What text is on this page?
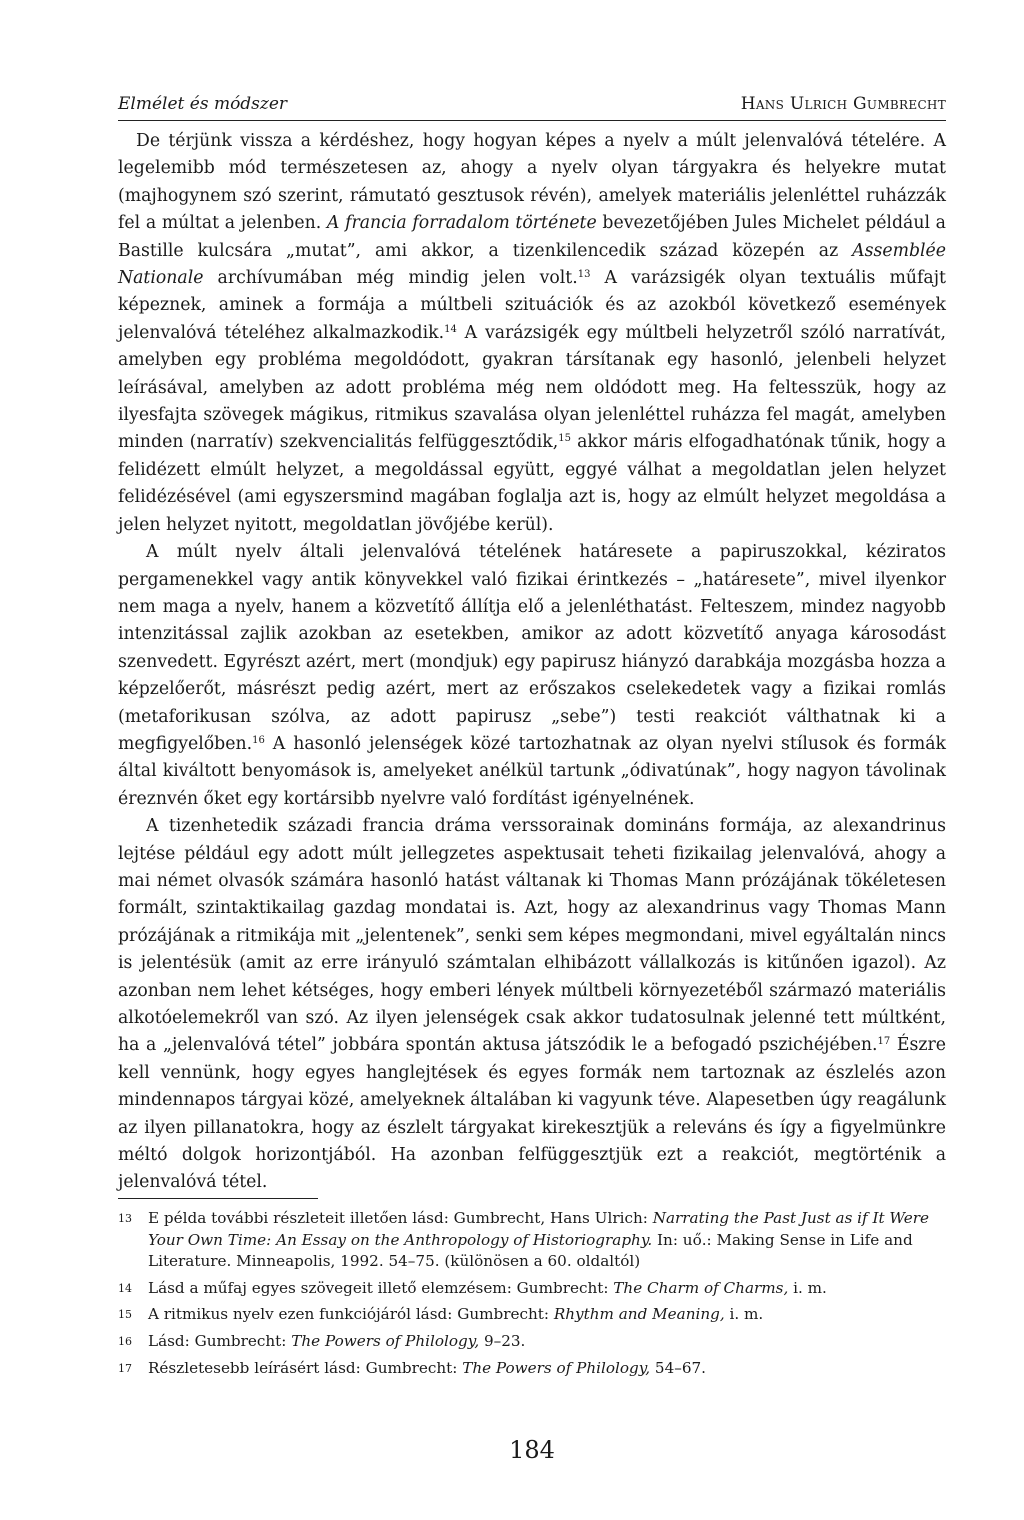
Elmélet és módszer	Hans Ulrich Gumbrecht

De térjünk vissza a kérdéshez, hogy hogyan képes a nyelv a múlt jelenvalóvá tételére. A legelemibb mód természetesen az, ahogy a nyelv olyan tárgyakra és helyekre mutat (majhogynem szó szerint, rámutató gesztusok révén), amelyek materiális jelenléttel ruházzák fel a múltat a jelenben. A francia forradalom története bevezetőjében Jules Michelet például a Bastille kulcsára „mutat”, ami akkor, a tizenkilencedik század közepén az Assemblée Nationale archívumában még mindig jelen volt.$^{13}$ A varázsigék olyan textuális műfajt képeznek, aminek a formája a múltbeli szituációk és az azokból következő események jelenvalóvá tételéhez alkalmazkodik.$^{14}$ A varázsigék egy múltbeli helyzetről szóló narratívát, amelyben egy probléma megoldódott, gyakran társítanak egy hasonló, jelenbeli helyzet leírásával, amelyben az adott probléma még nem oldódott meg. Ha feltesszük, hogy az ilyesfajta szövegek mágikus, ritmikus szavalása olyan jelenléttel ruházza fel magát, amelyben minden (narratív) szekvencialitás felfüggesztődik,$^{15}$ akkor máris elfogadhatónak tűnik, hogy a felidézett elmúlt helyzet, a megoldással együtt, eggyé válhat a megoldatlan jelen helyzet felidézésével (ami egyszersmind magában foglalja azt is, hogy az elmúlt helyzet megoldása a jelen helyzet nyitott, megoldatlan jövőjébe kerül).

A múlt nyelv általi jelenvalóvá tételének határesete a papiruszokkal, kéziratos pergamenekkel vagy antik könyvekkel való fizikai érintkezés – „határesete”, mivel ilyenkor nem maga a nyelv, hanem a közvetítő állítja elő a jelenléthatást. Felteszem, mindez nagyobb intenzitással zajlik azokban az esetekben, amikor az adott közvetítő anyaga károsodást szenvedett. Egyrészt azért, mert (mondjuk) egy papirusz hiányzó darabkája mozgásba hozza a képzelőerőt, másrészt pedig azért, mert az erőszakos cselekedetek vagy a fizikai romlás (metaforikusan szólva, az adott papirusz „sebe”) testi reakciót válthatnak ki a megfigyelőben.$^{16}$ A hasonló jelenségek közé tartozhatnak az olyan nyelvi stílusok és formák által kiváltott benyomások is, amelyeket anélkül tartunk „ódivatúnak”, hogy nagyon távolinak éreznvén őket egy kortársibb nyelvre való fordítást igényelnének.

A tizenhetedik századi francia dráma verssorainak domináns formája, az alexandrinus lejtése például egy adott múlt jellegzetes aspektusait teheti fizikailag jelenvalóvá, ahogy a mai német olvasók számára hasonló hatást váltanak ki Thomas Mann prózájának tökéletesen formált, szintaktikailag gazdag mondatai is. Azt, hogy az alexandrinus vagy Thomas Mann prózájának a ritmikája mit „jelentenek”, senki sem képes megmondani, mivel egyáltalán nincs is jelentésük (amit az erre irányuló számtalan elhibázott vállalkozás is kitűnően igazol). Az azonban nem lehet kétséges, hogy emberi lények múltbeli környezetéből származó materiális alkotóelemekről van szó. Az ilyen jelenségek csak akkor tudatosulnak jelenné tett múltként, ha a „jelenvalóvá tétel” jobbára spontán aktusa játszódik le a befogadó pszichéjében.$^{17}$ Észre kell vennünk, hogy egyes hanglejtések és egyes formák nem tartoznak az észlelés azon mindennapos tárgyai közé, amelyeknek általában ki vagyunk téve. Alapesetben úgy reagálunk az ilyen pillanatokra, hogy az észlelt tárgyakat kirekesztjük a releváns és így a figyelmünkre méltó dolgok horizontjából. Ha azonban felfüggesztjük ezt a reakciót, megtörténik a jelenvalóvá tétel.

13 E példa további részleteit illetően lásd: Gumbrecht, Hans Ulrich: Narrating the Past Just as if It Were Your Own Time: An Essay on the Anthropology of Historiography. In: uő.: Making Sense in Life and Literature. Minneapolis, 1992. 54–75. (különösen a 60. oldaltól)
14 Lásd a műfaj egyes szövegeit illető elemzésem: Gumbrecht: The Charm of Charms, i. m.
15 A ritmikus nyelv ezen funkciójáról lásd: Gumbrecht: Rhythm and Meaning, i. m.
16 Lásd: Gumbrecht: The Powers of Philology, 9–23.
17 Részletesebb leírásért lásd: Gumbrecht: The Powers of Philology, 54–67.
184
